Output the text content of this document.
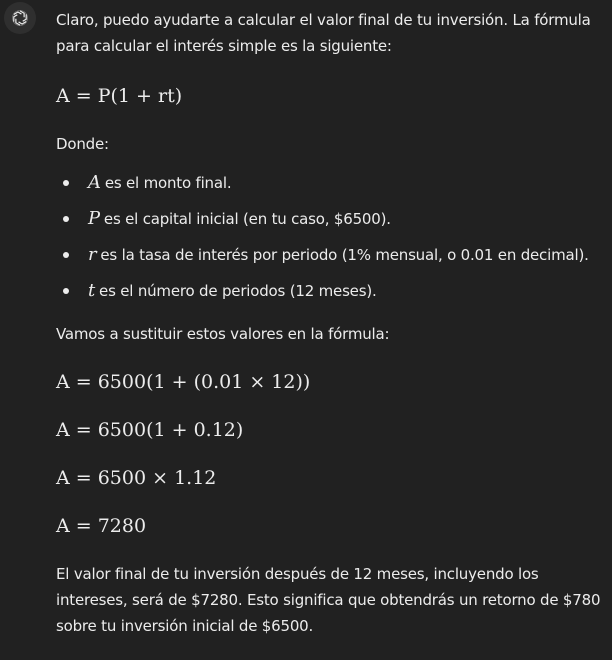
Claro, puedo ayudarte a calcular el valor final de tu inversión. La fórmula para calcular el interés simple es la siguiente:

A = P(1 + rt)

Donde:

A es el monto final.
P es el capital inicial (en tu caso, $6500).
r es la tasa de interés por periodo (1% mensual, o 0.01 en decimal).
t es el número de periodos (12 meses).

Vamos a sustituir estos valores en la fórmula:

A = 6500(1 + (0.01 × 12))
A = 6500(1 + 0.12)
A = 6500 × 1.12
A = 7280

El valor final de tu inversión después de 12 meses, incluyendo los intereses, será de $7280. Esto significa que obtendrás un retorno de $780 sobre tu inversión inicial de $6500.
